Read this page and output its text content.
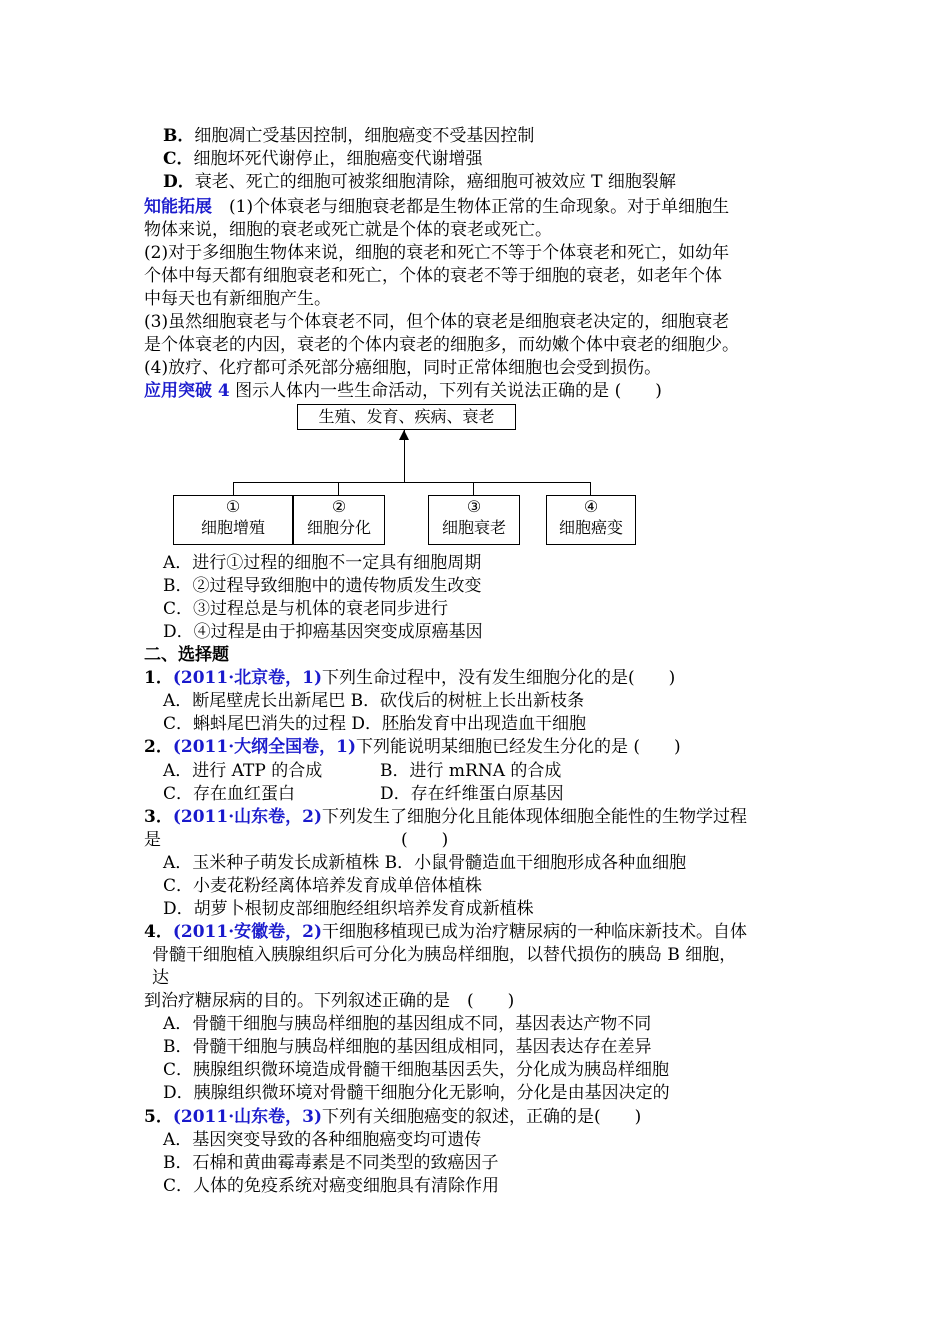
B．细胞凋亡受基因控制，细胞癌变不受基因控制
C．细胞坏死代谢停止，细胞癌变代谢增强
D．衰老、死亡的细胞可被浆细胞清除，癌细胞可被效应 T 细胞裂解
知能拓展　 (1)个体衰老与细胞衰老都是生物体正常的生命现象。对于单细胞生
物体来说，细胞的衰老或死亡就是个体的衰老或死亡。
(2)对于多细胞生物体来说，细胞的衰老和死亡不等于个体衰老和死亡，如幼年
个体中每天都有细胞衰老和死亡，个体的衰老不等于细胞的衰老，如老年个体
中每天也有新细胞产生。
(3)虽然细胞衰老与个体衰老不同，但个体的衰老是细胞衰老决定的，细胞衰老
是个体衰老的内因，衰老的个体内衰老的细胞多，而幼嫩个体中衰老的细胞少。
(4)放疗、化疗都可杀死部分癌细胞，同时正常体细胞也会受到损伤。
应用突破 4 图示人体内一些生命活动，下列有关说法正确的是 (　　)
生殖、发育、疾病、衰老
①
细胞增殖
②
细胞分化
③
细胞衰老
④
细胞癌变
A．进行①过程的细胞不一定具有细胞周期
B．②过程导致细胞中的遗传物质发生改变
C．③过程总是与机体的衰老同步进行
D．④过程是由于抑癌基因突变成原癌基因
二、选择题
1．(2011·北京卷，1)下列生命过程中，没有发生细胞分化的是(　　)
A．断尾壁虎长出新尾巴 B．砍伐后的树桩上长出新枝条
C．蝌蚪尾巴消失的过程 D．胚胎发育中出现造血干细胞
2．(2011·大纲全国卷，1)下列能说明某细胞已经发生分化的是 (　　)
A．进行 ATP 的合成	B．进行 mRNA 的合成
C．存在血红蛋白	D．存在纤维蛋白原基因
3．(2011·山东卷，2)下列发生了细胞分化且能体现体细胞全能性的生物学过程
是	(　　)
A．玉米种子萌发长成新植株 B．小鼠骨髓造血干细胞形成各种血细胞
C．小麦花粉经离体培养发育成单倍体植株
D．胡萝卜根韧皮部细胞经组织培养发育成新植株
4．(2011·安徽卷，2)干细胞移植现已成为治疗糖尿病的一种临床新技术。自体
骨髓干细胞植入胰腺组织后可分化为胰岛样细胞，以替代损伤的胰岛 B 细胞，
达
到治疗糖尿病的目的。下列叙述正确的是　(　　)
A．骨髓干细胞与胰岛样细胞的基因组成不同，基因表达产物不同
B．骨髓干细胞与胰岛样细胞的基因组成相同，基因表达存在差异
C．胰腺组织微环境造成骨髓干细胞基因丢失，分化成为胰岛样细胞
D．胰腺组织微环境对骨髓干细胞分化无影响，分化是由基因决定的
5．(2011·山东卷，3)下列有关细胞癌变的叙述，正确的是(　　)
A．基因突变导致的各种细胞癌变均可遗传
B．石棉和黄曲霉毒素是不同类型的致癌因子
C．人体的免疫系统对癌变细胞具有清除作用
